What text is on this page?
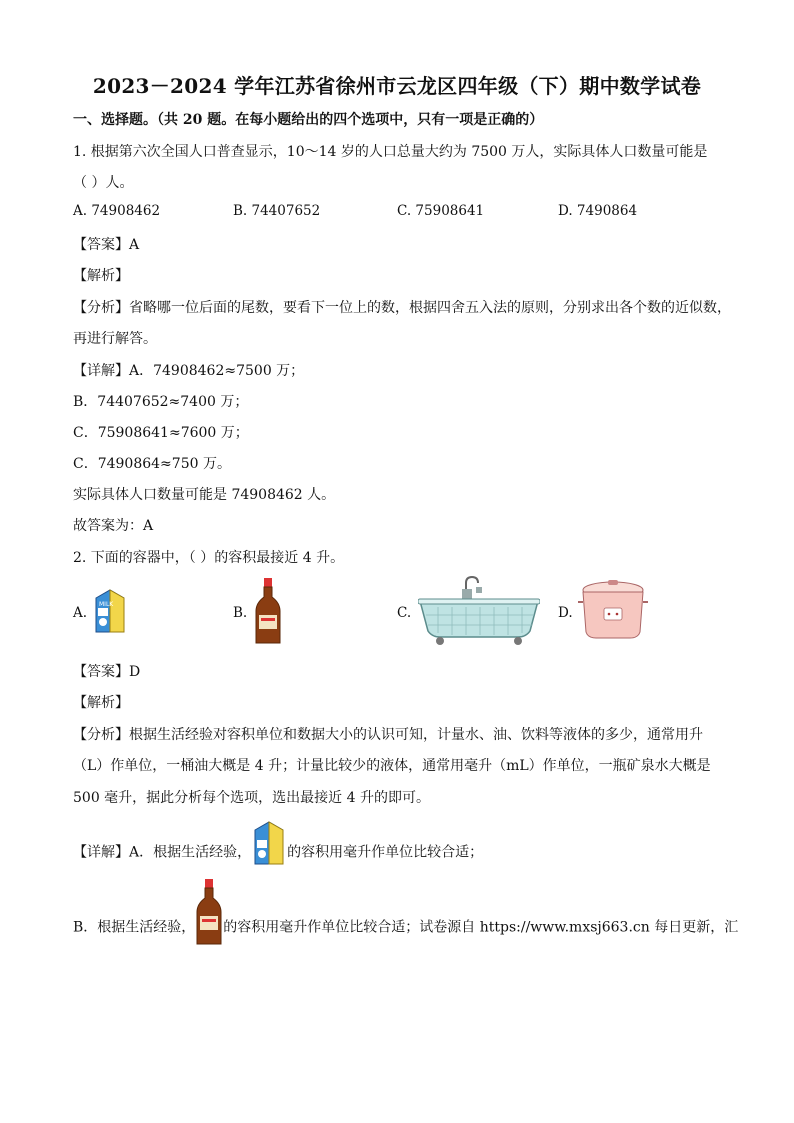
2023－2024 学年江苏省徐州市云龙区四年级（下）期中数学试卷
一、选择题。（共 20 题。在每小题给出的四个选项中，只有一项是正确的）
1. 根据第六次全国人口普查显示，10～14 岁的人口总量大约为 7500 万人，实际具体人口数量可能是
（ ）人。
A. 74908462	B. 74407652	C. 75908641	D. 7490864
【答案】A
【解析】
【分析】省略哪一位后面的尾数，要看下一位上的数，根据四舍五入法的原则，分别求出各个数的近似数，
再进行解答。
【详解】A．74908462≈7500 万；
B．74407652≈7400 万；
C．75908641≈7600 万；
C．7490864≈750 万。
实际具体人口数量可能是 74908462 人。
故答案为：A
2. 下面的容器中，（ ）的容积最接近 4 升。
A.
MILK
B.	C.	D.
【答案】D
【解析】
【分析】根据生活经验对容积单位和数据大小的认识可知，计量水、油、饮料等液体的多少，通常用升
（L）作单位，一桶油大概是 4 升；计量比较少的液体，通常用毫升（mL）作单位，一瓶矿泉水大概是
500 毫升，据此分析每个选项，选出最接近 4 升的即可。
【详解】A．根据生活经验，	的容积用毫升作单位比较合适；
B．根据生活经验， 的容积用毫升作单位比较合适；试卷源自 https://www.mxsj663.cn 每日更新，汇
